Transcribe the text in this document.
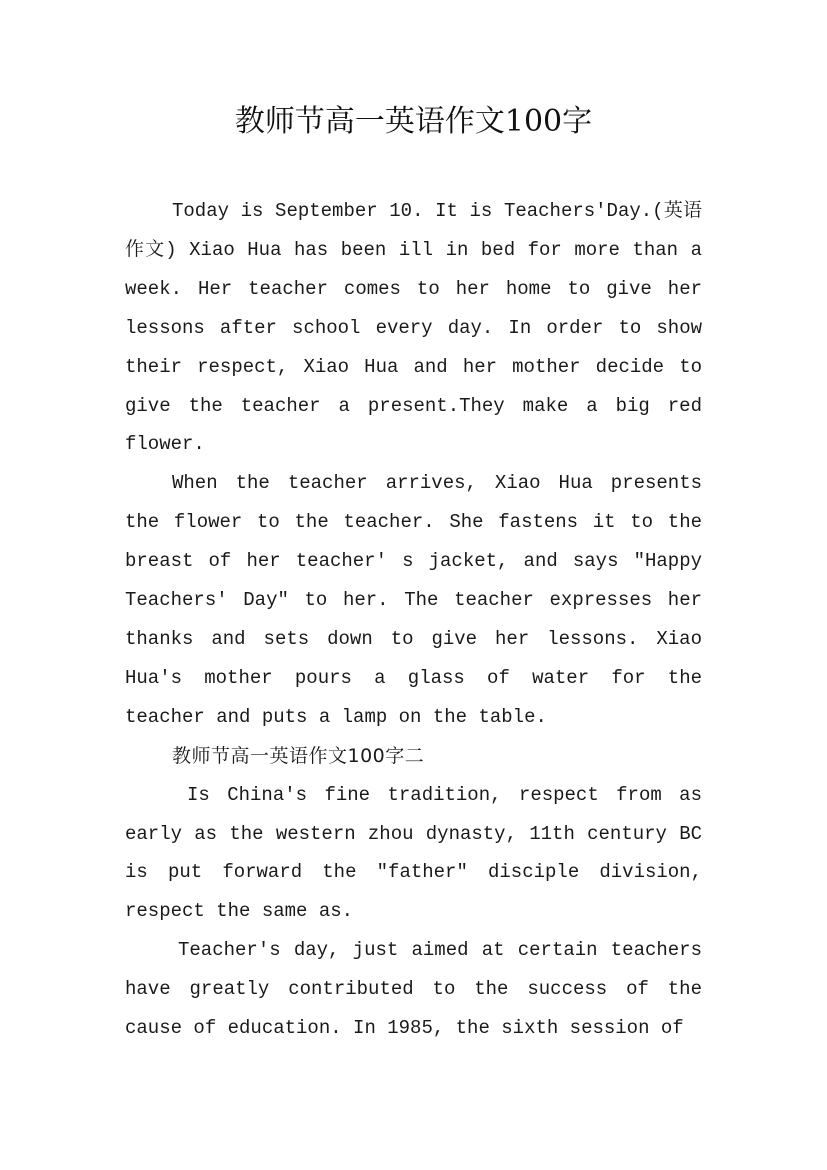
教师节高一英语作文100字

Today is September 10. It is Teachers'Day.(英语作文) Xiao Hua has been ill in bed for more than a week. Her teacher comes to her home to give her lessons after school every day. In order to show their respect, Xiao Hua and her mother decide to give the teacher a present.They make a big red flower.

When the teacher arrives, Xiao Hua presents the flower to the teacher. She fastens it to the breast of her teacher' s jacket, and says "Happy Teachers' Day" to her. The teacher expresses her thanks and sets down to give her lessons. Xiao Hua's mother pours a glass of water for the teacher and puts a lamp on the table.

教师节高一英语作文100字二

Is China's fine tradition, respect from as early as the western zhou dynasty, 11th century BC is put forward the "father" disciple division, respect the same as.

Teacher's day, just aimed at certain teachers have greatly contributed to the success of the cause of education. In 1985, the sixth session of
